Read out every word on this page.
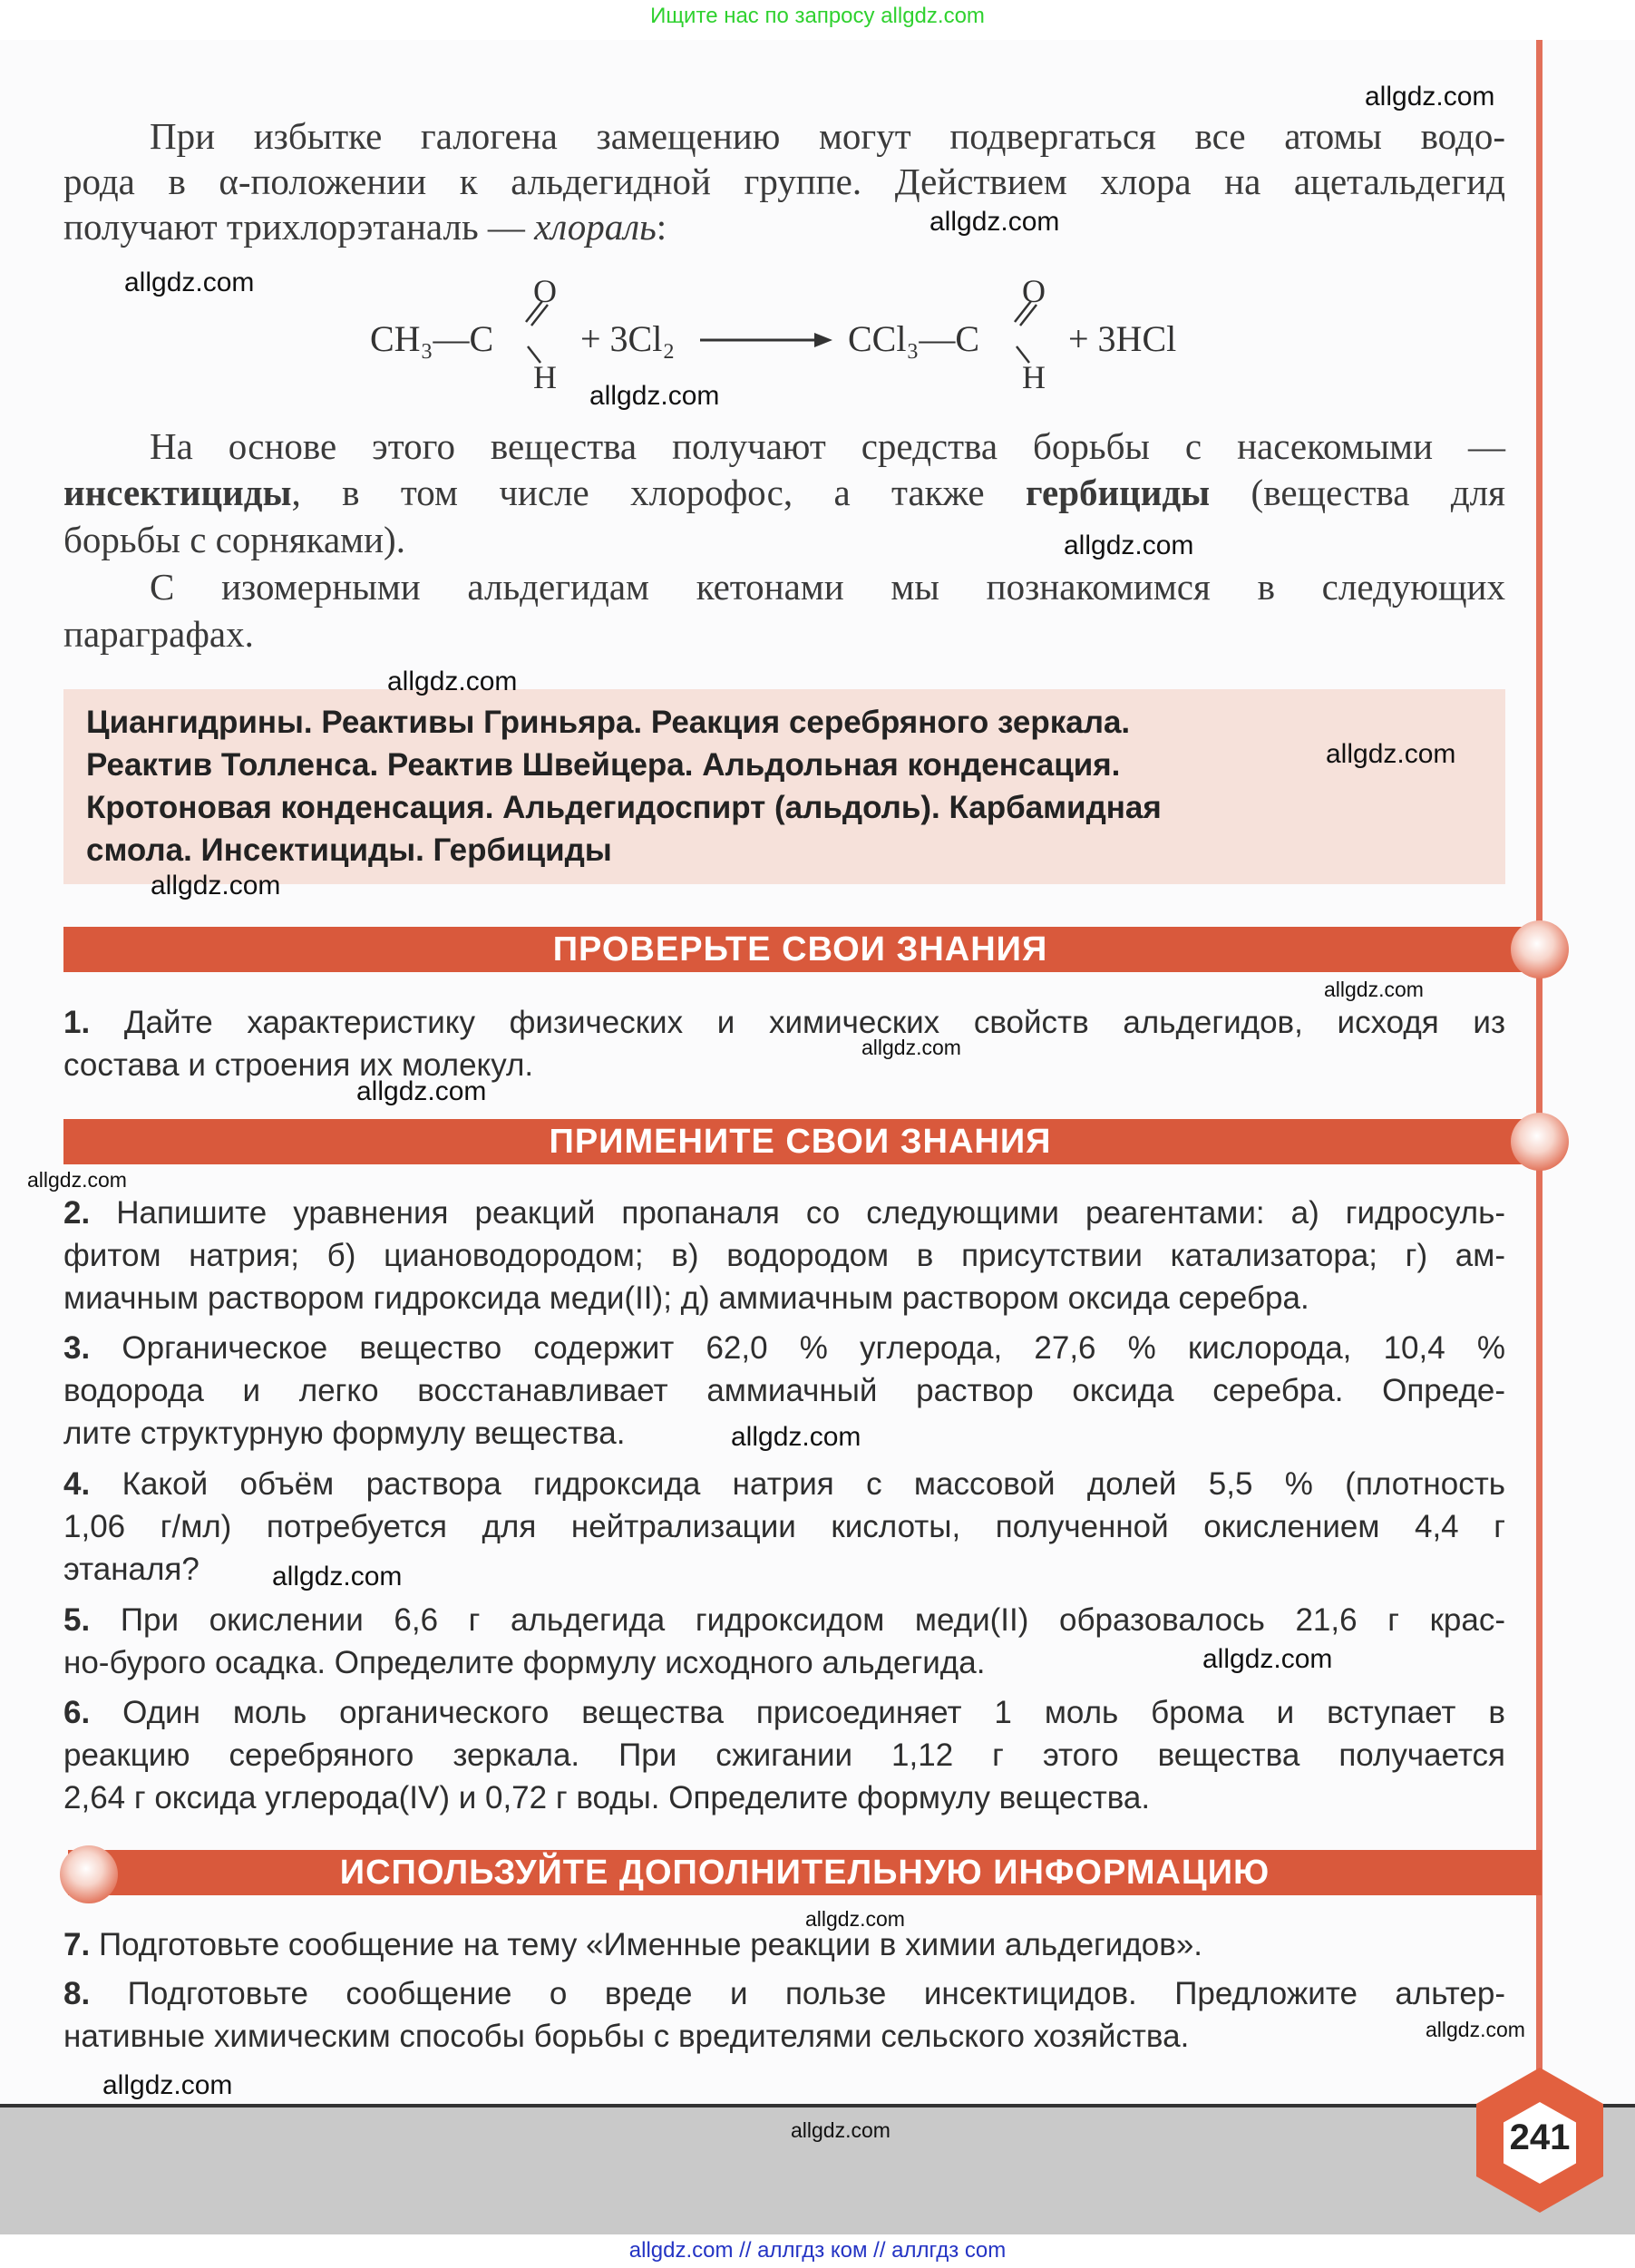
Ищите нас по запросу allgdz.com
При избытке галогена замещению могут подвергаться все атомы водо-
рода в α-положении к альдегидной группе. Действием хлора на ацетальдегид
получают трихлорэтаналь — хлораль:
CH₃—C
O
H
+ 3Cl₂	CCl₃—C
O
H
+ 3HCl
На основе этого вещества получают средства борьбы с насекомыми —
инсектициды, в том числе хлорофос, а также гербициды (вещества для
борьбы с сорняками).
С изомерными альдегидам кетонами мы познакомимся в следующих
параграфах.
Циангидрины. Реактивы Гриньяра. Реакция серебряного зеркала.
Реактив Толленса. Реактив Швейцера. Альдольная конденсация.
Кротоновая конденсация. Альдегидоспирт (альдоль). Карбамидная
смола. Инсектициды. Гербициды
ПРОВЕРЬТЕ СВОИ ЗНАНИЯ
ПРИМЕНИТЕ СВОИ ЗНАНИЯ
ИСПОЛЬЗУЙТЕ ДОПОЛНИТЕЛЬНУЮ ИНФОРМАЦИЮ
1. Дайте характеристику физических и химических свойств альдегидов, исходя из
состава и строения их молекул.
2. Напишите уравнения реакций пропаналя со следующими реагентами: а) гидросуль-
фитом натрия; б) циановодородом; в) водородом в присутствии катализатора; г) ам-
миачным раствором гидроксида меди(II); д) аммиачным раствором оксида серебра.
3. Органическое вещество содержит 62,0 % углерода, 27,6 % кислорода, 10,4 %
водорода и легко восстанавливает аммиачный раствор оксида серебра. Опреде-
лите структурную формулу вещества.
4. Какой объём раствора гидроксида натрия с массовой долей 5,5 % (плотность
1,06 г/мл) потребуется для нейтрализации кислоты, полученной окислением 4,4 г
этаналя?
5. При окислении 6,6 г альдегида гидроксидом меди(II) образовалось 21,6 г крас-
но-бурого осадка. Определите формулу исходного альдегида.
6. Один моль органического вещества присоединяет 1 моль брома и вступает в
реакцию серебряного зеркала. При сжигании 1,12 г этого вещества получается
2,64 г оксида углерода(IV) и 0,72 г воды. Определите формулу вещества.
7. Подготовьте сообщение на тему «Именные реакции в химии альдегидов».
8. Подготовьте сообщение о вреде и пользе инсектицидов. Предложите альтер-
нативные химическим способы борьбы с вредителями сельского хозяйства.
241
allgdz.com // аллгдз ком // аллгдз com
allgdz.com
allgdz.com
allgdz.com
allgdz.com
allgdz.com
allgdz.com
allgdz.com
allgdz.com
allgdz.com
allgdz.com
allgdz.com
allgdz.com
allgdz.com
allgdz.com
allgdz.com
allgdz.com
allgdz.com
allgdz.com
allgdz.com
